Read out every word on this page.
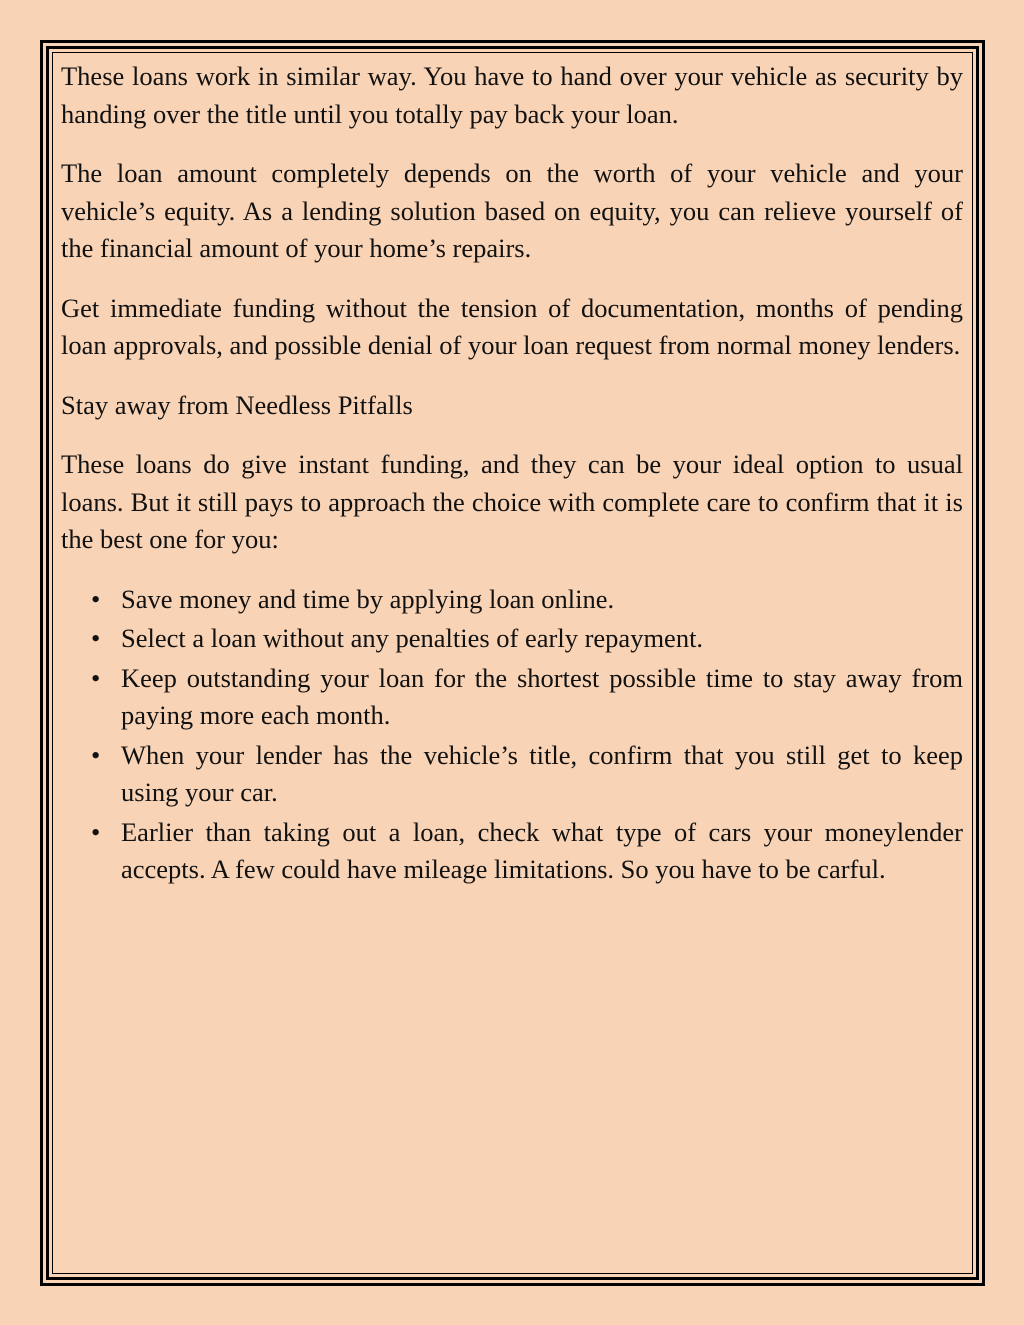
These loans work in similar way. You have to hand over your vehicle as security by handing over the title until you totally pay back your loan.

The loan amount completely depends on the worth of your vehicle and your vehicle’s equity. As a lending solution based on equity, you can relieve yourself of the financial amount of your home’s repairs.

Get immediate funding without the tension of documentation, months of pending loan approvals, and possible denial of your loan request from normal money lenders.

Stay away from Needless Pitfalls

These loans do give instant funding, and they can be your ideal option to usual loans. But it still pays to approach the choice with complete care to confirm that it is the best one for you:

• Save money and time by applying loan online.
• Select a loan without any penalties of early repayment.
• Keep outstanding your loan for the shortest possible time to stay away from paying more each month.
• When your lender has the vehicle’s title, confirm that you still get to keep using your car.
• Earlier than taking out a loan, check what type of cars your moneylender accepts. A few could have mileage limitations. So you have to be carful.
